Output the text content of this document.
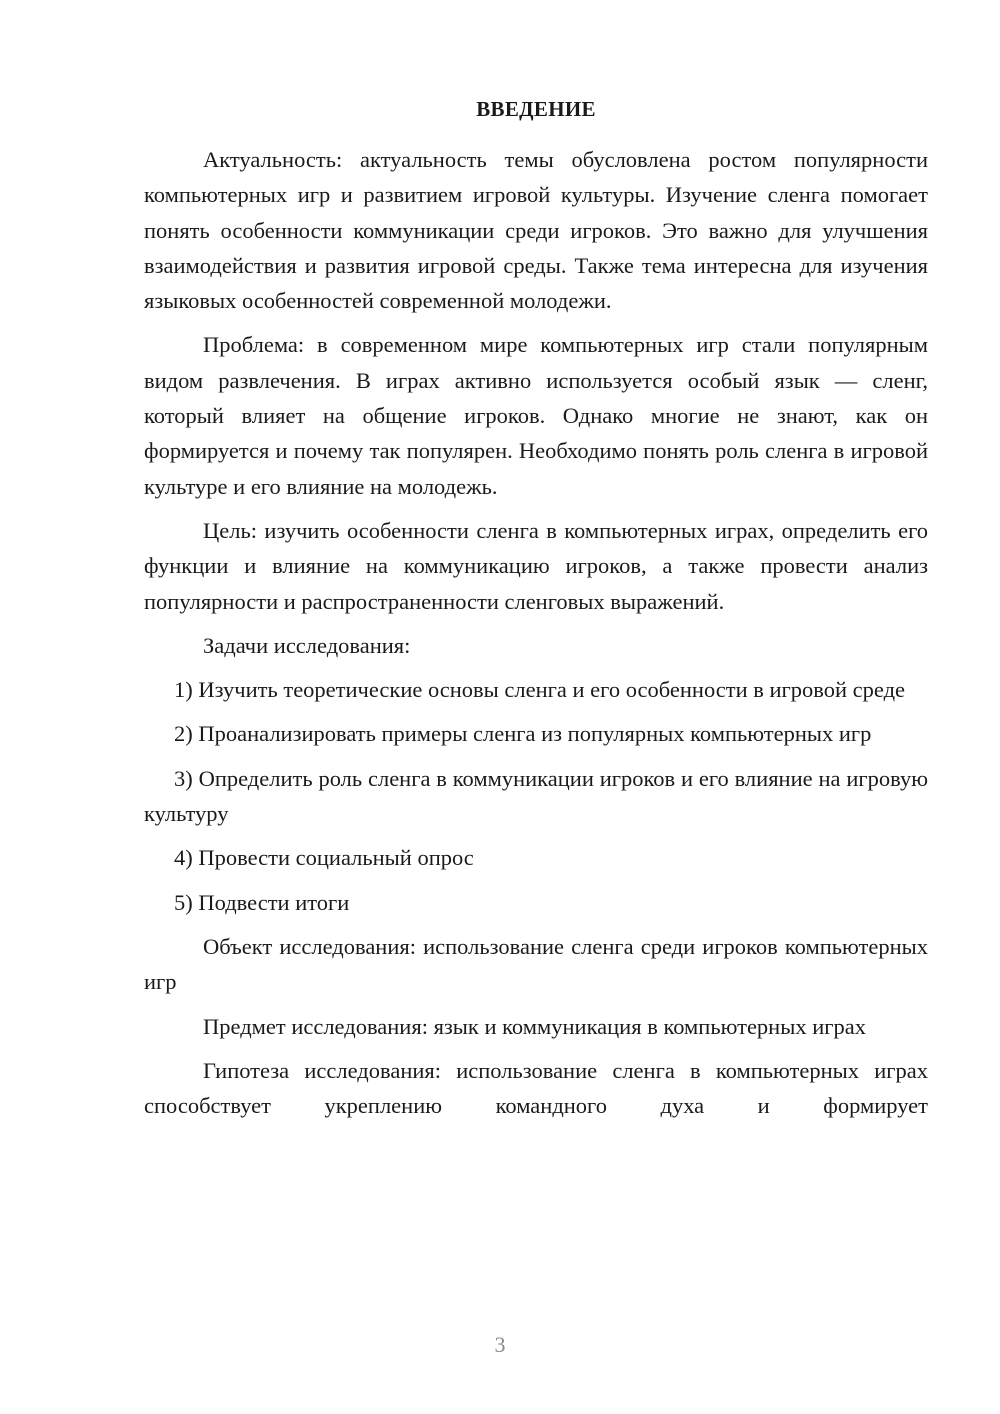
ВВЕДЕНИЕ

Актуальность: актуальность темы обусловлена ростом популярности компьютерных игр и развитием игровой культуры. Изучение сленга помогает понять особенности коммуникации среди игроков. Это важно для улучшения взаимодействия и развития игровой среды. Также тема интересна для изучения языковых особенностей современной молодежи.

Проблема: в современном мире компьютерных игр стали популярным видом развлечения. В играх активно используется особый язык — сленг, который влияет на общение игроков. Однако многие не знают, как он формируется и почему так популярен. Необходимо понять роль сленга в игровой культуре и его влияние на молодежь.

Цель: изучить особенности сленга в компьютерных играх, определить его функции и влияние на коммуникацию игроков, а также провести анализ популярности и распространенности сленговых выражений.

Задачи исследования:

1) Изучить теоретические основы сленга и его особенности в игровой среде

2) Проанализировать примеры сленга из популярных компьютерных игр

3) Определить роль сленга в коммуникации игроков и его влияние на игровую культуру

4) Провести социальный опрос

5) Подвести итоги

Объект исследования: использование сленга среди игроков компьютерных игр

Предмет исследования: язык и коммуникация в компьютерных играх

Гипотеза исследования: использование сленга в компьютерных играх способствует укреплению командного духа и формирует

3
